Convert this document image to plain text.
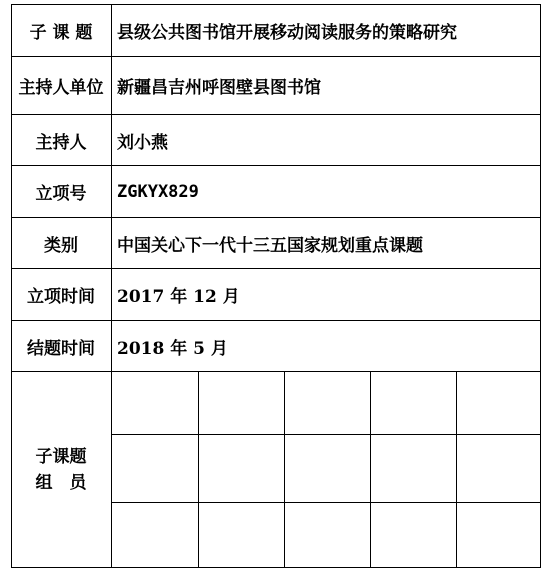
子 课 题	县级公共图书馆开展移动阅读服务的策略研究
主持人单位 新疆昌吉州呼图壁县图书馆
主持人	刘小燕
立项号	ZGKYX829
类别	中国关心下一代十三五国家规划重点课题
立项时间	2017 年 12 月
结题时间	2018 年 5 月
子课题
组　员
